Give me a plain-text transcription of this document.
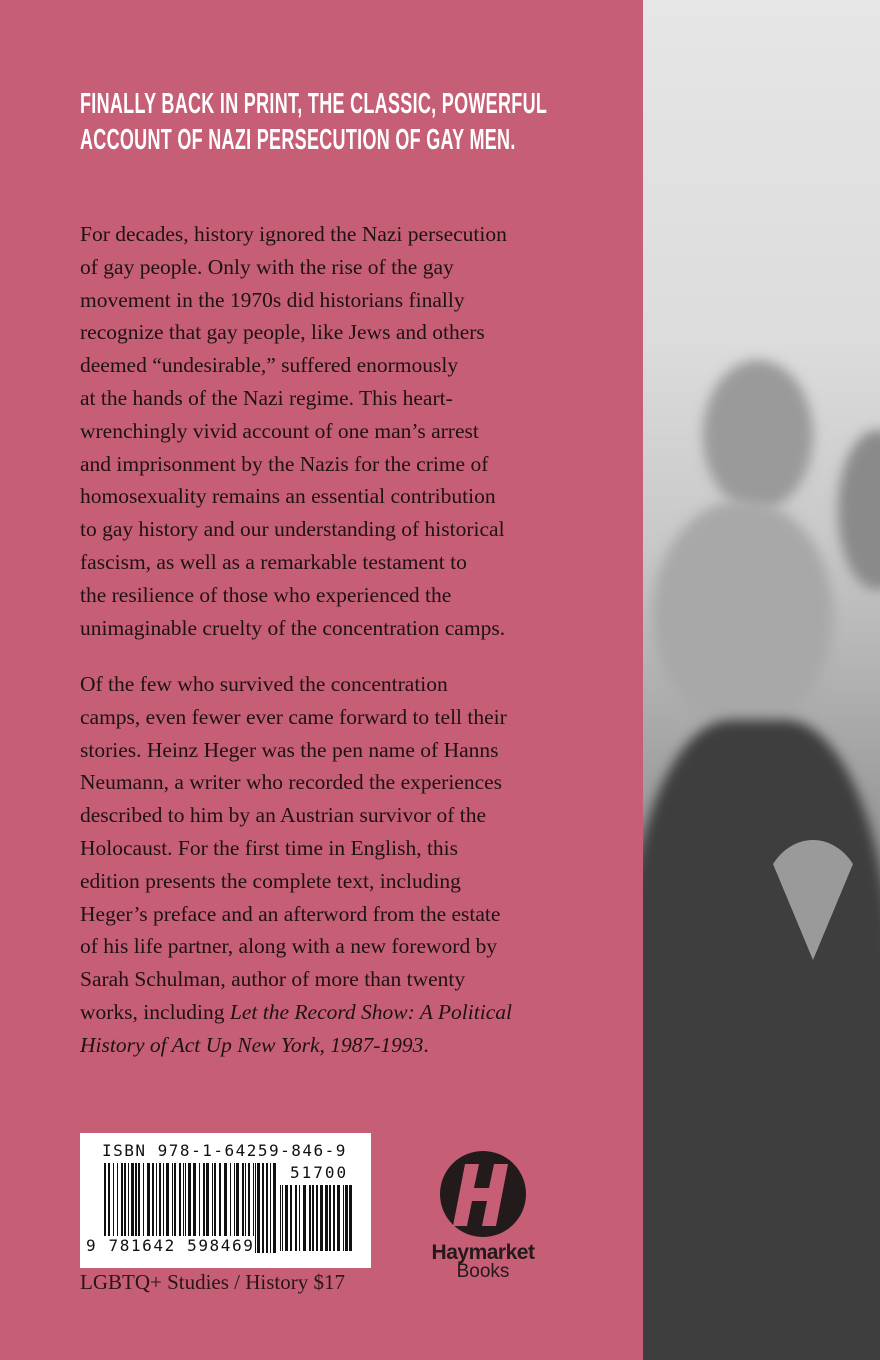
FINALLY BACK IN PRINT, THE CLASSIC, POWERFUL
ACCOUNT OF NAZI PERSECUTION OF GAY MEN.
For decades, history ignored the Nazi persecution
of gay people. Only with the rise of the gay
movement in the 1970s did historians finally
recognize that gay people, like Jews and others
deemed “undesirable,” suffered enormously
at the hands of the Nazi regime. This heart-
wrenchingly vivid account of one man’s arrest
and imprisonment by the Nazis for the crime of
homosexuality remains an essential contribution
to gay history and our understanding of historical
fascism, as well as a remarkable testament to
the resilience of those who experienced the
unimaginable cruelty of the concentration camps.
Of the few who survived the concentration
camps, even fewer ever came forward to tell their
stories. Heinz Heger was the pen name of Hanns
Neumann, a writer who recorded the experiences
described to him by an Austrian survivor of the
Holocaust. For the first time in English, this
edition presents the complete text, including
Heger’s preface and an afterword from the estate
of his life partner, along with a new foreword by
Sarah Schulman, author of more than twenty
works, including Let the Record Show: A Political
History of Act Up New York, 1987-1993.
ISBN 978-1-64259-846-9
51700
9 781642 598469
LGBTQ+ Studies / History $17
Haymarket
Books
